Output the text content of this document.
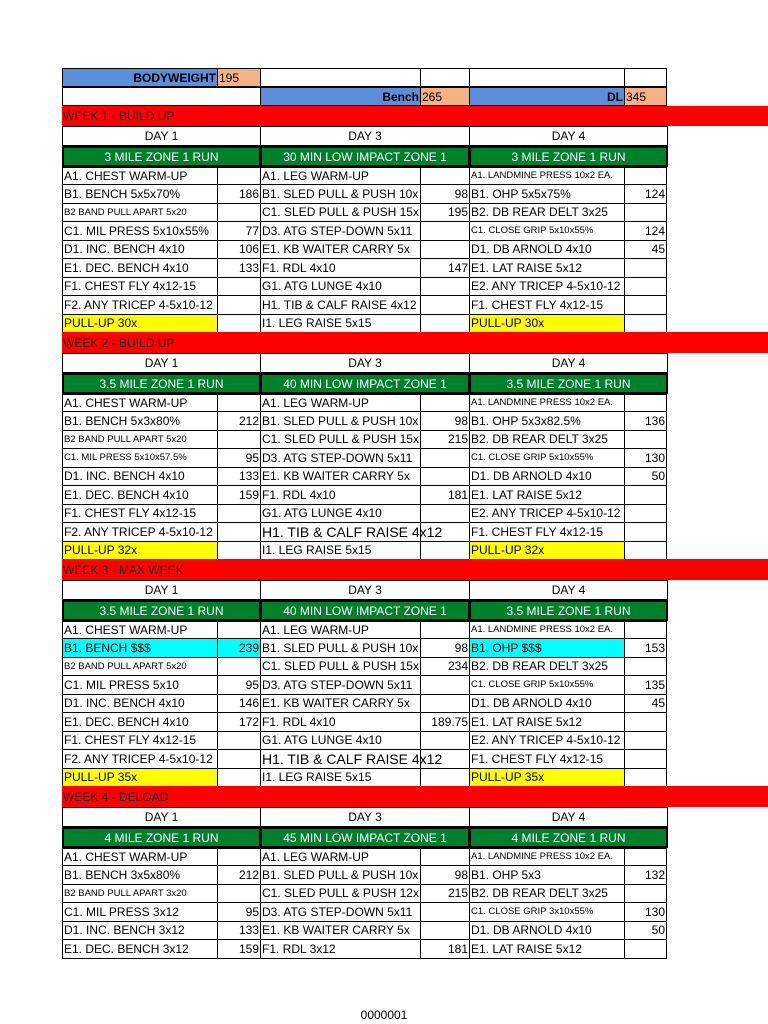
BODYWEIGHT 195
Bench 265	DL 345
WEEK 1 - BUILD UP
DAY 1	DAY 3	DAY 4
3 MILE ZONE 1 RUN	30 MIN LOW IMPACT ZONE 1	3 MILE ZONE 1 RUN
A1. CHEST WARM-UP	A1. LEG WARM-UP	A1. LANDMINE PRESS 10x2 EA.
B1. BENCH 5x5x70%	186 B1. SLED PULL & PUSH 10x	98 B1. OHP 5x5x75%	124
B2 BAND PULL APART 5x20	C1. SLED PULL & PUSH 15x	195 B2. DB REAR DELT 3x25
C1. MIL PRESS 5x10x55%	77 D3. ATG STEP-DOWN 5x11	C1. CLOSE GRIP 5x10x55%	124
D1. INC. BENCH 4x10	106 E1. KB WAITER CARRY 5x	D1. DB ARNOLD 4x10	45
E1. DEC. BENCH 4x10	133 F1. RDL 4x10	147 E1. LAT RAISE 5x12
F1. CHEST FLY 4x12-15	G1. ATG LUNGE 4x10	E2. ANY TRICEP 4-5x10-12
F2. ANY TRICEP 4-5x10-12	H1. TIB & CALF RAISE 4x12	F1. CHEST FLY 4x12-15
PULL-UP 30x	I1. LEG RAISE 5x15	PULL-UP 30x
WEEK 2 - BUILD UP
DAY 1	DAY 3	DAY 4
3.5 MILE ZONE 1 RUN	40 MIN LOW IMPACT ZONE 1	3.5 MILE ZONE 1 RUN
A1. CHEST WARM-UP	A1. LEG WARM-UP	A1. LANDMINE PRESS 10x2 EA.
B1. BENCH 5x3x80%	212 B1. SLED PULL & PUSH 10x	98 B1. OHP 5x3x82.5%	136
B2 BAND PULL APART 5x20	C1. SLED PULL & PUSH 15x	215 B2. DB REAR DELT 3x25
C1. MIL PRESS 5x10x57.5%	95 D3. ATG STEP-DOWN 5x11	C1. CLOSE GRIP 5x10x55%	130
D1. INC. BENCH 4x10	133 E1. KB WAITER CARRY 5x	D1. DB ARNOLD 4x10	50
E1. DEC. BENCH 4x10	159 F1. RDL 4x10	181 E1. LAT RAISE 5x12
F1. CHEST FLY 4x12-15	G1. ATG LUNGE 4x10	E2. ANY TRICEP 4-5x10-12
F2. ANY TRICEP 4-5x10-12	H1. TIB & CALF RAISE 4x12 F1. CHEST FLY 4x12-15
PULL-UP 32x	I1. LEG RAISE 5x15	PULL-UP 32x
WEEK 3 - MAX WEEK
DAY 1	DAY 3	DAY 4
3.5 MILE ZONE 1 RUN	40 MIN LOW IMPACT ZONE 1	3.5 MILE ZONE 1 RUN
A1. CHEST WARM-UP	A1. LEG WARM-UP	A1. LANDMINE PRESS 10x2 EA.
B1. BENCH $$$	239 B1. SLED PULL & PUSH 10x	98 B1. OHP $$$	153
B2 BAND PULL APART 5x20	C1. SLED PULL & PUSH 15x	234 B2. DB REAR DELT 3x25
C1. MIL PRESS 5x10	95 D3. ATG STEP-DOWN 5x11	C1. CLOSE GRIP 5x10x55%	135
D1. INC. BENCH 4x10	146 E1. KB WAITER CARRY 5x	D1. DB ARNOLD 4x10	45
E1. DEC. BENCH 4x10	172 F1. RDL 4x10	189.75 E1. LAT RAISE 5x12
F1. CHEST FLY 4x12-15	G1. ATG LUNGE 4x10	E2. ANY TRICEP 4-5x10-12
F2. ANY TRICEP 4-5x10-12	H1. TIB & CALF RAISE 4x12 F1. CHEST FLY 4x12-15
PULL-UP 35x	I1. LEG RAISE 5x15	PULL-UP 35x
WEEK 4 - DELOAD
DAY 1	DAY 3	DAY 4
4 MILE ZONE 1 RUN	45 MIN LOW IMPACT ZONE 1	4 MILE ZONE 1 RUN
A1. CHEST WARM-UP	A1. LEG WARM-UP	A1. LANDMINE PRESS 10x2 EA.
B1. BENCH 3x5x80%	212 B1. SLED PULL & PUSH 10x	98 B1. OHP 5x3	132
B2 BAND PULL APART 3x20	C1. SLED PULL & PUSH 12x	215 B2. DB REAR DELT 3x25
C1. MIL PRESS 3x12	95 D3. ATG STEP-DOWN 5x11	C1. CLOSE GRIP 3x10x55%	130
D1. INC. BENCH 3x12	133 E1. KB WAITER CARRY 5x	D1. DB ARNOLD 4x10	50
E1. DEC. BENCH 3x12	159 F1. RDL 3x12	181 E1. LAT RAISE 5x12
0000001
